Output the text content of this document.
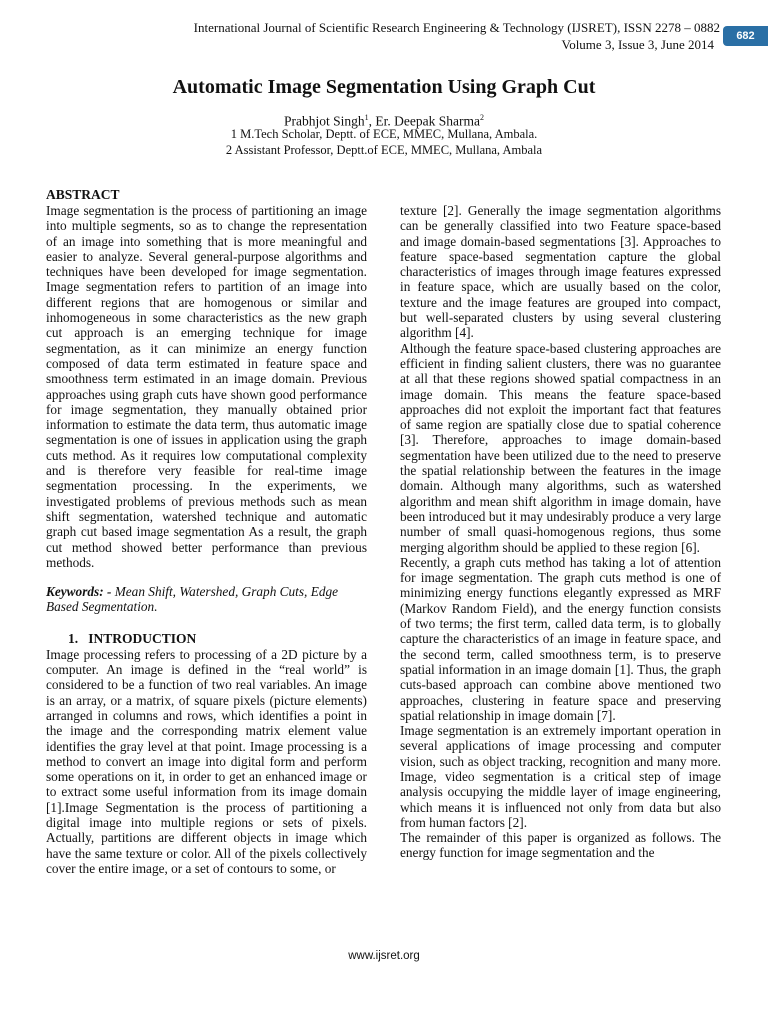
International Journal of Scientific Research Engineering & Technology (IJSRET), ISSN 2278 – 0882
Volume 3, Issue 3, June 2014
682
Automatic Image Segmentation Using Graph Cut
Prabhjot Singh$^1$, Er. Deepak Sharma$^2$
1 M.Tech Scholar, Deptt. of ECE, MMEC, Mullana, Ambala.
2 Assistant Professor, Deptt.of ECE, MMEC, Mullana, Ambala

ABSTRACT

Image segmentation is the process of partitioning an image into multiple segments, so as to change the representation of an image into something that is more meaningful and easier to analyze. Several general-purpose algorithms and techniques have been developed for image segmentation. Image segmentation refers to partition of an image into different regions that are homogenous or similar and inhomogeneous in some characteristics as the new graph cut approach is an emerging technique for image segmentation, as it can minimize an energy function composed of data term estimated in feature space and smoothness term estimated in an image domain. Previous approaches using graph cuts have shown good performance for image segmentation, they manually obtained prior information to estimate the data term, thus automatic image segmentation is one of issues in application using the graph cuts method. As it requires low computational complexity and is therefore very feasible for real-time image segmentation processing. In the experiments, we investigated problems of previous methods such as mean shift segmentation, watershed technique and automatic graph cut based image segmentation As a result, the graph cut method showed better performance than previous methods.

Keywords: - Mean Shift, Watershed, Graph Cuts, Edge Based Segmentation.

1.   INTRODUCTION

Image processing refers to processing of a 2D picture by a computer. An image is defined in the “real world” is considered to be a function of two real variables. An image is an array, or a matrix, of square pixels (picture elements) arranged in columns and rows, which identifies a point in the image and the corresponding matrix element value identifies the gray level at that point. Image processing is a method to convert an image into digital form and perform some operations on it, in order to get an enhanced image or to extract some useful information from its image domain [1].Image Segmentation is the process of partitioning a digital image into multiple regions or sets of pixels. Actually, partitions are different objects in image which have the same texture or color. All of the pixels collectively cover the entire image, or a set of contours to some, or

texture [2]. Generally the image segmentation algorithms can be generally classified into two Feature space-based and image domain-based segmentations [3]. Approaches to feature space-based segmentation capture the global characteristics of images through image features expressed in feature space, which are usually based on the color, texture and the image features are grouped into compact, but well-separated clusters by using several clustering algorithm [4].

Although the feature space-based clustering approaches are efficient in finding salient clusters, there was no guarantee at all that these regions showed spatial compactness in an image domain. This means the feature space-based approaches did not exploit the important fact that features of same region are spatially close due to spatial coherence [3]. Therefore, approaches to image domain-based segmentation have been utilized due to the need to preserve the spatial relationship between the features in the image domain. Although many algorithms, such as watershed algorithm and mean shift algorithm in image domain, have been introduced but it may undesirably produce a very large number of small quasi-homogenous regions, thus some merging algorithm should be applied to these region [6].

Recently, a graph cuts method has taking a lot of attention for image segmentation. The graph cuts method is one of minimizing energy functions elegantly expressed as MRF (Markov Random Field), and the energy function consists of two terms; the first term, called data term, is to globally capture the characteristics of an image in feature space, and the second term, called smoothness term, is to preserve spatial information in an image domain [1]. Thus, the graph cuts-based approach can combine above mentioned two approaches, clustering in feature space and preserving spatial relationship in image domain [7].

Image segmentation is an extremely important operation in several applications of image processing and computer vision, such as object tracking, recognition and many more. Image, video segmentation is a critical step of image analysis occupying the middle layer of image engineering, which means it is influenced not only from data but also from human factors [2].

The remainder of this paper is organized as follows. The energy function for image segmentation and the

www.ijsret.org
